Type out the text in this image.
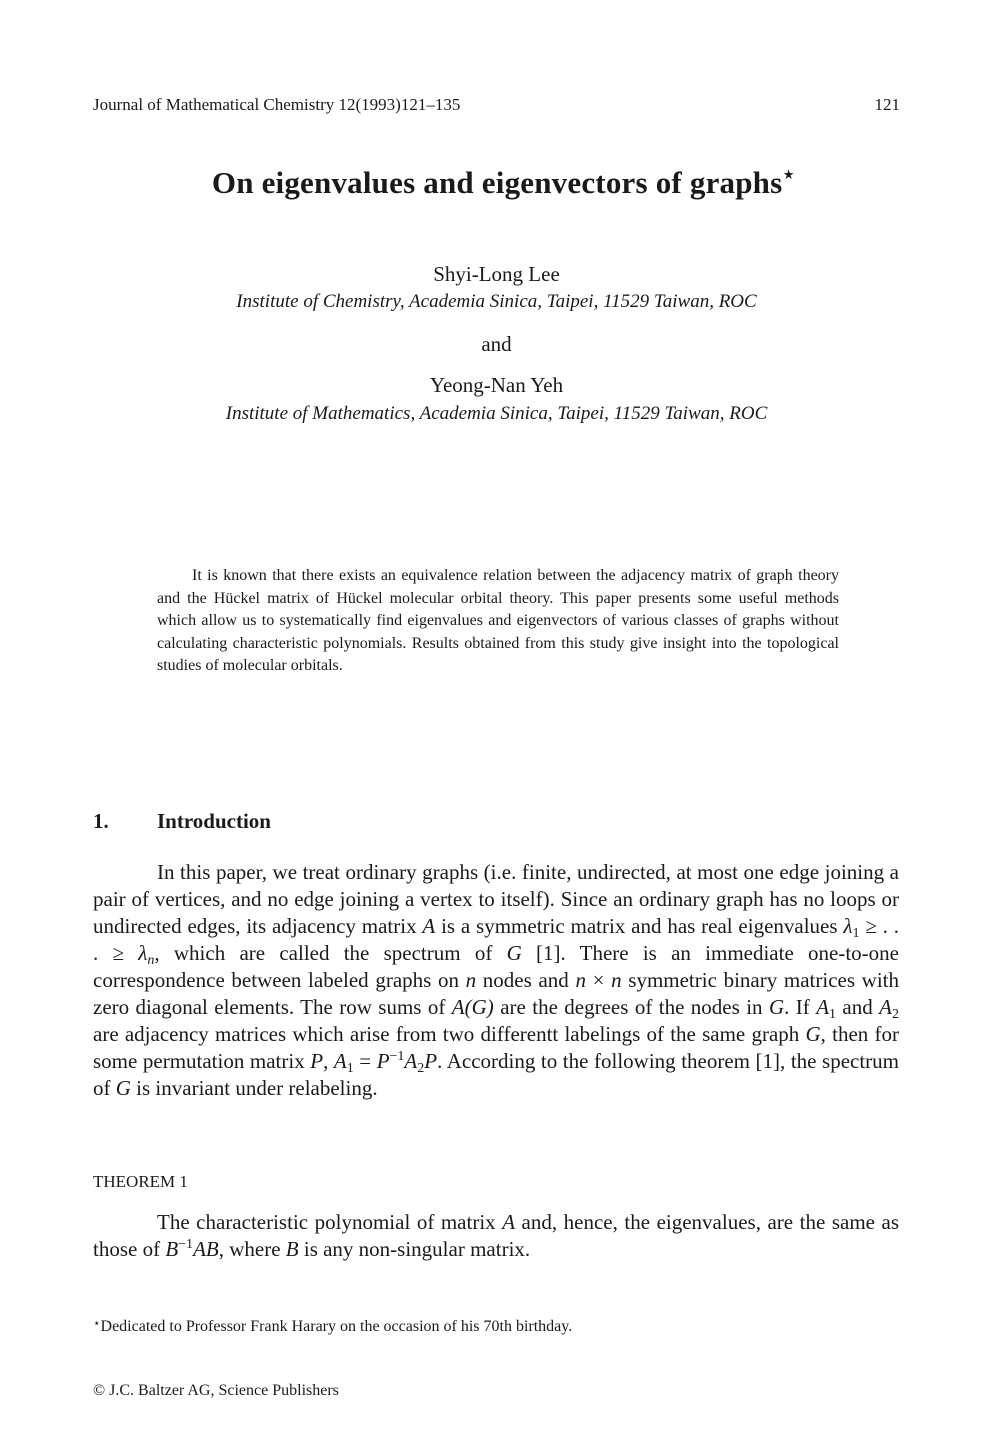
Journal of Mathematical Chemistry 12(1993)121–135	121
On eigenvalues and eigenvectors of graphs⋆
Shyi-Long Lee
Institute of Chemistry, Academia Sinica, Taipei, 11529 Taiwan, ROC
and
Yeong-Nan Yeh
Institute of Mathematics, Academia Sinica, Taipei, 11529 Taiwan, ROC
It is known that there exists an equivalence relation between the adjacency matrix of graph theory and the Hückel matrix of Hückel molecular orbital theory. This paper presents some useful methods which allow us to systematically find eigenvalues and eigenvectors of various classes of graphs without calculating characteristic polynomials. Results obtained from this study give insight into the topological studies of molecular orbitals.
1. Introduction
In this paper, we treat ordinary graphs (i.e. finite, undirected, at most one edge joining a pair of vertices, and no edge joining a vertex to itself). Since an ordinary graph has no loops or undirected edges, its adjacency matrix A is a symmetric matrix and has real eigenvalues $\lambda_1$ ≥ . . . ≥ $\lambda_n$, which are called the spectrum of G [1]. There is an immediate one-to-one correspondence between labeled graphs on n nodes and n × n symmetric binary matrices with zero diagonal elements. The row sums of A(G) are the degrees of the nodes in G. If $A_1$ and $A_2$ are adjacency matrices which arise from two differentt labelings of the same graph G, then for some permutation matrix P, $A_1 = P^{-1}A_2P$. According to the following theorem [1], the spectrum of G is invariant under relabeling.
THEOREM 1
The characteristic polynomial of matrix A and, hence, the eigenvalues, are the same as those of $B^{-1}AB$, where B is any non-singular matrix.
⋆Dedicated to Professor Frank Harary on the occasion of his 70th birthday.
© J.C. Baltzer AG, Science Publishers
